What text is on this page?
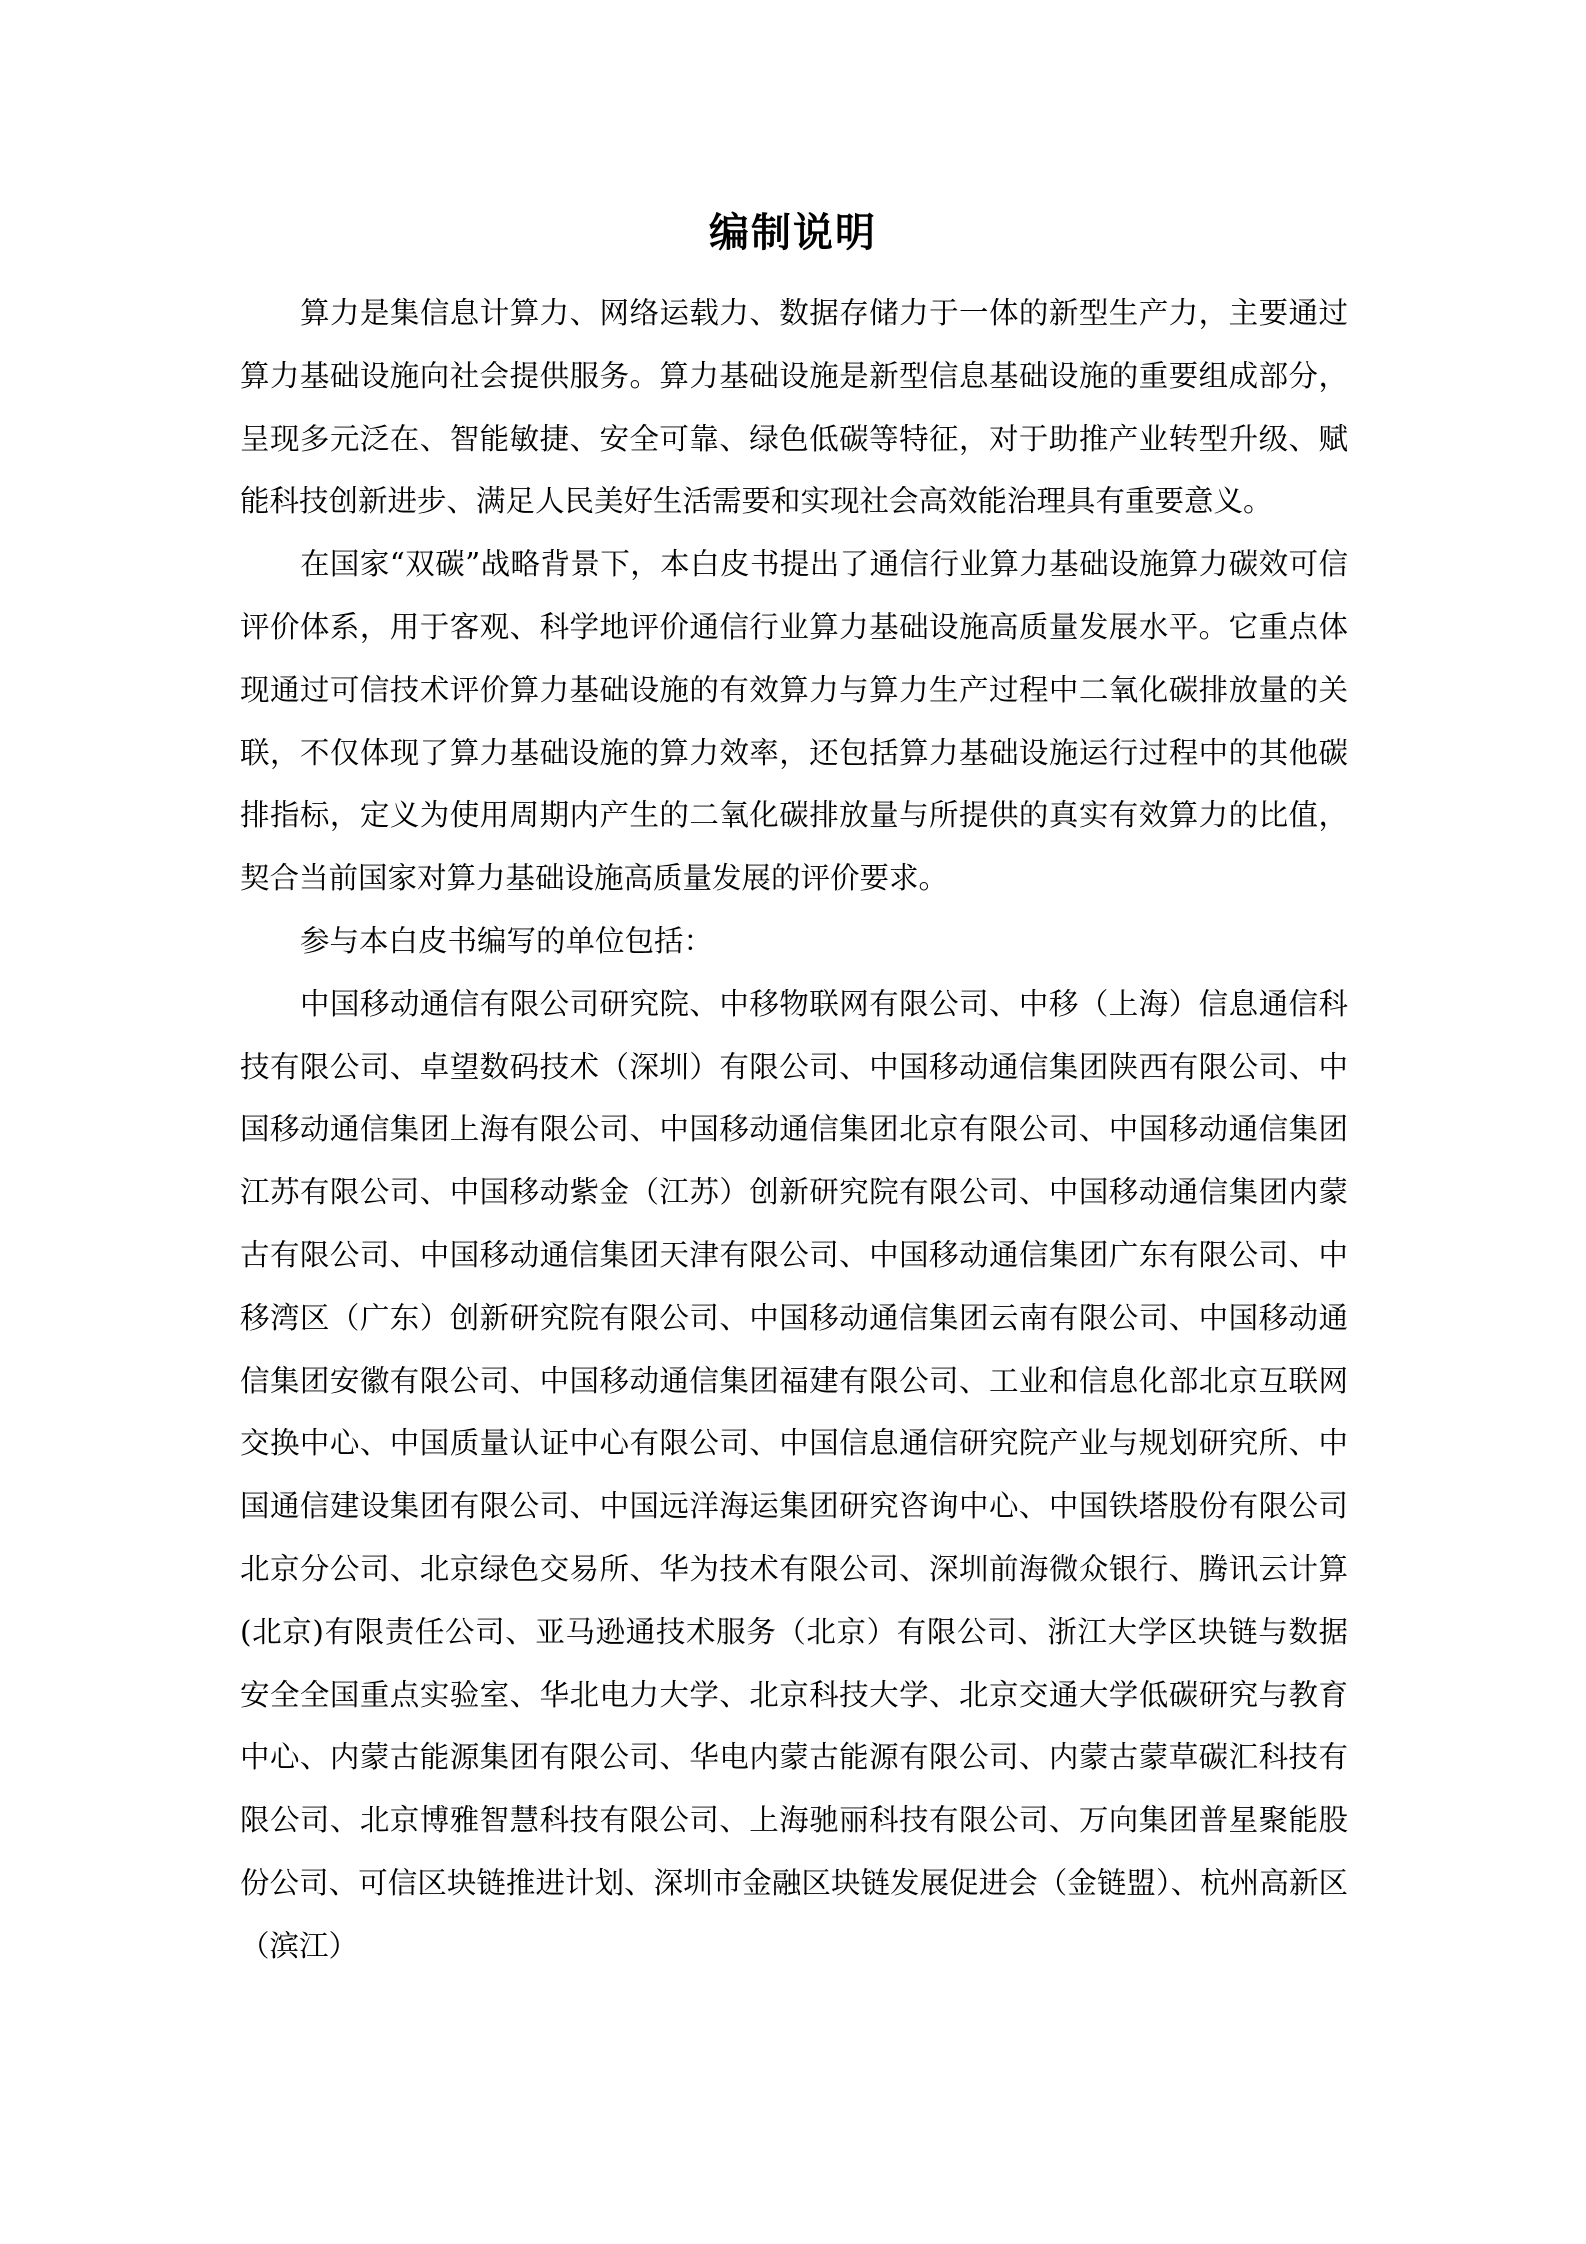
编制说明

算力是集信息计算力、网络运载力、数据存储力于一体的新型生产力，主要通过算力基础设施向社会提供服务。算力基础设施是新型信息基础设施的重要组成部分，呈现多元泛在、智能敏捷、安全可靠、绿色低碳等特征，对于助推产业转型升级、赋能科技创新进步、满足人民美好生活需要和实现社会高效能治理具有重要意义。

在国家“双碳”战略背景下，本白皮书提出了通信行业算力基础设施算力碳效可信评价体系，用于客观、科学地评价通信行业算力基础设施高质量发展水平。它重点体现通过可信技术评价算力基础设施的有效算力与算力生产过程中二氧化碳排放量的关联，不仅体现了算力基础设施的算力效率，还包括算力基础设施运行过程中的其他碳排指标，定义为使用周期内产生的二氧化碳排放量与所提供的真实有效算力的比值，契合当前国家对算力基础设施高质量发展的评价要求。

参与本白皮书编写的单位包括：

中国移动通信有限公司研究院、中移物联网有限公司、中移（上海）信息通信科技有限公司、卓望数码技术（深圳）有限公司、中国移动通信集团陕西有限公司、中国移动通信集团上海有限公司、中国移动通信集团北京有限公司、中国移动通信集团江苏有限公司、中国移动紫金（江苏）创新研究院有限公司、中国移动通信集团内蒙古有限公司、中国移动通信集团天津有限公司、中国移动通信集团广东有限公司、中移湾区（广东）创新研究院有限公司、中国移动通信集团云南有限公司、中国移动通信集团安徽有限公司、中国移动通信集团福建有限公司、工业和信息化部北京互联网交换中心、中国质量认证中心有限公司、中国信息通信研究院产业与规划研究所、中国通信建设集团有限公司、中国远洋海运集团研究咨询中心、中国铁塔股份有限公司北京分公司、北京绿色交易所、华为技术有限公司、深圳前海微众银行、腾讯云计算(北京)有限责任公司、亚马逊通技术服务（北京）有限公司、浙江大学区块链与数据安全全国重点实验室、华北电力大学、北京科技大学、北京交通大学低碳研究与教育中心、内蒙古能源集团有限公司、华电内蒙古能源有限公司、内蒙古蒙草碳汇科技有限公司、北京博雅智慧科技有限公司、上海驰丽科技有限公司、万向集团普星聚能股份公司、可信区块链推进计划、深圳市金融区块链发展促进会（金链盟）、杭州高新区（滨江）
